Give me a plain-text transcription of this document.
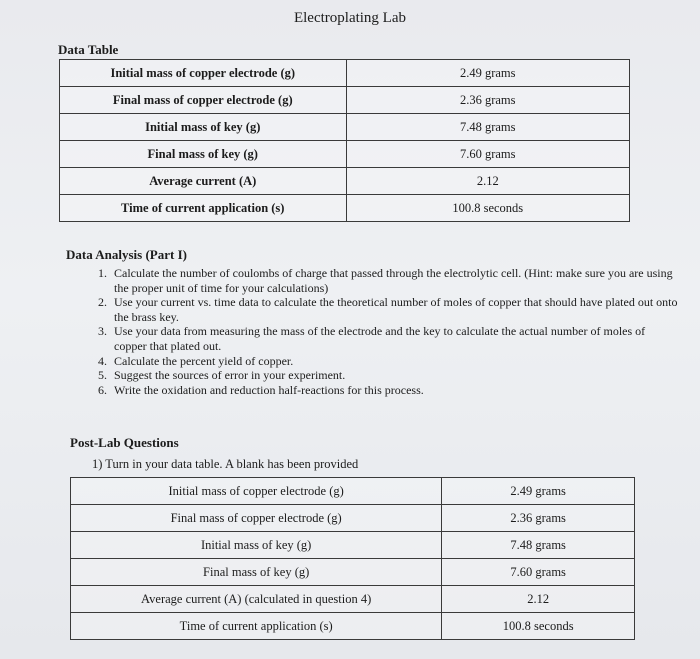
Electroplating Lab
Data Table
Initial mass of copper electrode (g)	2.49 grams
Final mass of copper electrode (g)	2.36 grams
Initial mass of key (g)	7.48 grams
Final mass of key (g)	7.60 grams
Average current (A)	2.12
Time of current application (s)	100.8 seconds
Data Analysis (Part I)
1. Calculate the number of coulombs of charge that passed through the electrolytic cell. (Hint: make sure you are using the proper unit of time for your calculations)
2. Use your current vs. time data to calculate the theoretical number of moles of copper that should have plated out onto the brass key.
3. Use your data from measuring the mass of the electrode and the key to calculate the actual number of moles of copper that plated out.
4. Calculate the percent yield of copper.
5. Suggest the sources of error in your experiment.
6. Write the oxidation and reduction half-reactions for this process.
Post-Lab Questions
1) Turn in your data table. A blank has been provided
Initial mass of copper electrode (g)	2.49 grams
Final mass of copper electrode (g)	2.36 grams
Initial mass of key (g)	7.48 grams
Final mass of key (g)	7.60 grams
Average current (A) (calculated in question 4)	2.12
Time of current application (s)	100.8 seconds
